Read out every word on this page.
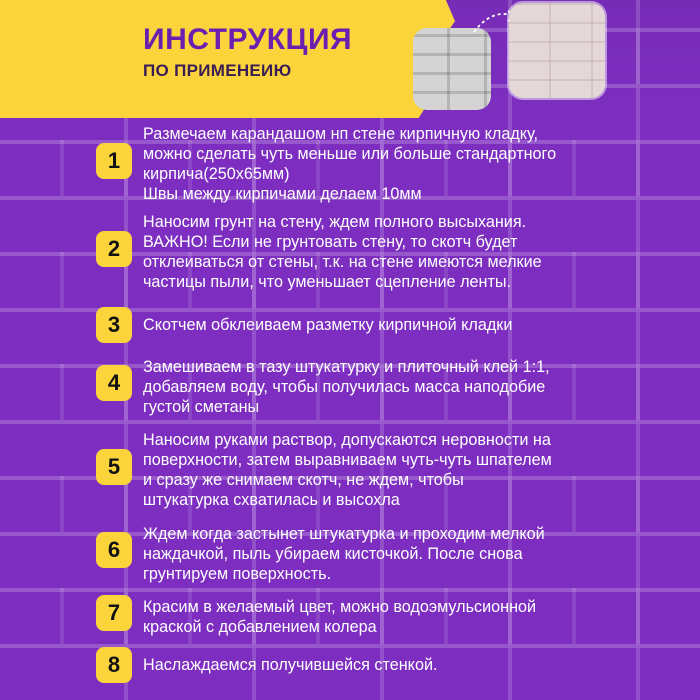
ИНСТРУКЦИЯ
ПО ПРИМЕНЕИЮ
1
Размечаем карандашом нп стене кирпичную кладку,
можно сделать чуть меньше или больше стандартного
кирпича(250х65мм)
Швы между кирпичами делаем 10мм
2
Наносим грунт на стену, ждем полного высыхания.
ВАЖНО! Если не грунтовать стену, то скотч будет
отклеиваться от стены, т.к. на стене имеются мелкие
частицы пыли, что уменьшает сцепление ленты.
3	Скотчем обклеиваем разметку кирпичной кладки
4
Замешиваем в тазу штукатурку и плиточный клей 1:1,
добавляем воду, чтобы получилась масса наподобие
густой сметаны
5
Наносим руками раствор, допускаются неровности на
поверхности, затем выравниваем чуть-чуть шпателем
и сразу же снимаем скотч, не ждем, чтобы
штукатурка схватилась и высохла
6
Ждем когда застынет штукатурка и проходим мелкой
наждачкой, пыль убираем кисточкой. После снова
грунтируем поверхность.
7	Красим в желаемый цвет, можно водоэмульсионной
краской с добавлением колера
8	Наслаждаемся получившейся стенкой.
